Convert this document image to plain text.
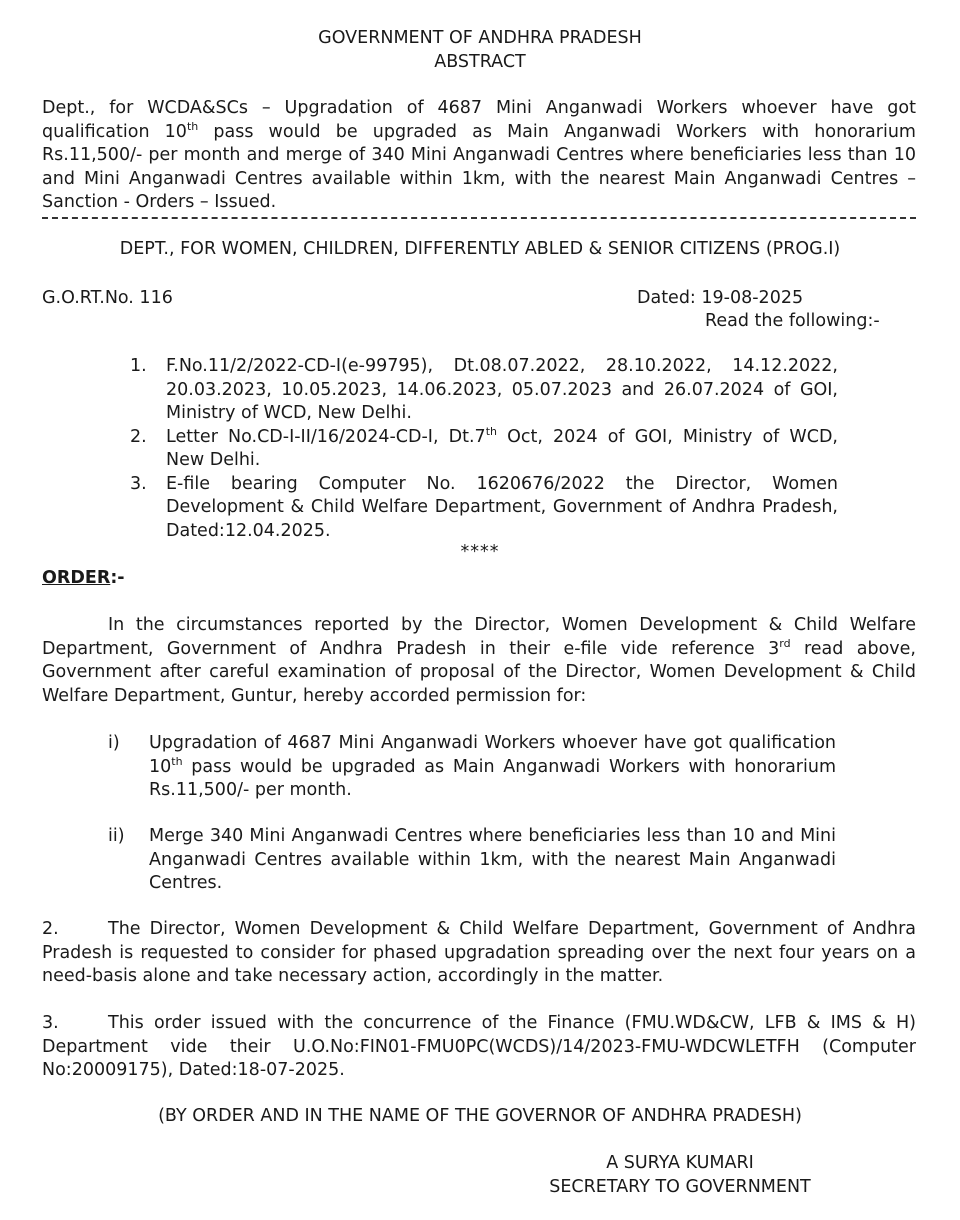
GOVERNMENT OF ANDHRA PRADESH
ABSTRACT
Dept., for WCDA&SCs – Upgradation of 4687 Mini Anganwadi Workers whoever have got qualification 10th pass would be upgraded as Main Anganwadi Workers with honorarium Rs.11,500/- per month and merge of 340 Mini Anganwadi Centres where beneficiaries less than 10 and Mini Anganwadi Centres available within 1km, with the nearest Main Anganwadi Centres – Sanction - Orders – Issued.
DEPT., FOR WOMEN, CHILDREN, DIFFERENTLY ABLED & SENIOR CITIZENS (PROG.I)
G.O.RT.No. 116	Dated: 19-08-2025
Read the following:-
1.	F.No.11/2/2022-CD-I(e-99795), Dt.08.07.2022, 28.10.2022, 14.12.2022, 20.03.2023, 10.05.2023, 14.06.2023, 05.07.2023 and 26.07.2024 of GOI, Ministry of WCD, New Delhi.
2.	Letter No.CD-I-II/16/2024-CD-I, Dt.7th Oct, 2024 of GOI, Ministry of WCD, New Delhi.
3.	E-file bearing Computer No. 1620676/2022 the Director, Women Development & Child Welfare Department, Government of Andhra Pradesh, Dated:12.04.2025.
****
ORDER:-
In the circumstances reported by the Director, Women Development & Child Welfare Department, Government of Andhra Pradesh in their e-file vide reference 3rd read above, Government after careful examination of proposal of the Director, Women Development & Child Welfare Department, Guntur, hereby accorded permission for:
i)	Upgradation of 4687 Mini Anganwadi Workers whoever have got qualification 10th pass would be upgraded as Main Anganwadi Workers with honorarium Rs.11,500/- per month.
ii)	Merge 340 Mini Anganwadi Centres where beneficiaries less than 10 and Mini Anganwadi Centres available within 1km, with the nearest Main Anganwadi Centres.
2.	The Director, Women Development & Child Welfare Department, Government of Andhra Pradesh is requested to consider for phased upgradation spreading over the next four years on a need-basis alone and take necessary action, accordingly in the matter.
3.	This order issued with the concurrence of the Finance (FMU.WD&CW, LFB & IMS & H) Department vide their U.O.No:FIN01-FMU0PC(WCDS)/14/2023-FMU-WDCWLETFH (Computer No:20009175), Dated:18-07-2025.
(BY ORDER AND IN THE NAME OF THE GOVERNOR OF ANDHRA PRADESH)
A SURYA KUMARI
SECRETARY TO GOVERNMENT
